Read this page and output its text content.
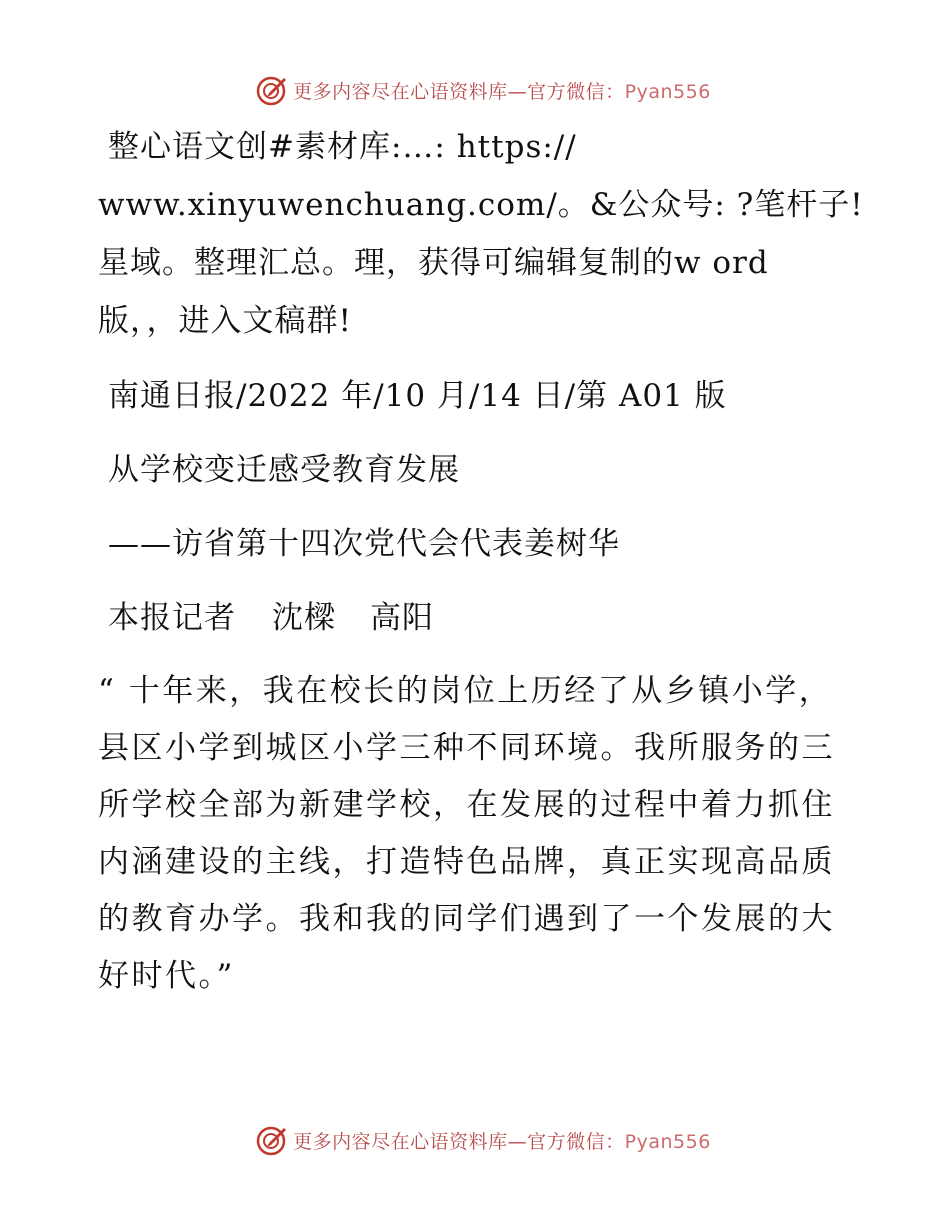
更多内容尽在心语资料库—官方微信：Pyan556
整心语文创#素材库:…: https://
www.xinyuwenchuang.com/。&公众号: ?笔杆子!
星域。整理汇总。理，获得可编辑复制的w ord
版，，进入文稿群!
南通日报/2022 年/10 月/14 日/第 A01 版
从学校变迁感受教育发展
——访省第十四次党代会代表姜树华
本报记者 沈樑 高阳
“ 十年来，我在校长的岗位上历经了从乡镇小学，县区小学到城区小学三种不同环境。我所服务的三所学校全部为新建学校，在发展的过程中着力抓住内涵建设的主线，打造特色品牌，真正实现高品质的教育办学。我和我的同学们遇到了一个发展的大好时代。”
更多内容尽在心语资料库—官方微信：Pyan556
